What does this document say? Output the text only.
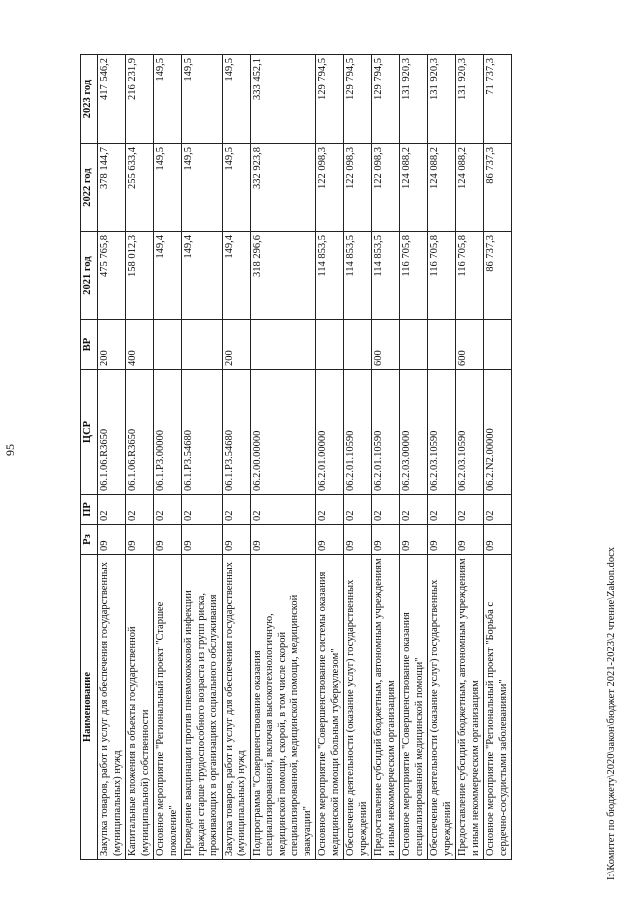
95
Наименование	Рз	ПР	ЦСР	ВР	2021 год	2022 год	2023 год
Закупка товаров, работ и услуг для обеспечения государственных (муниципальных) нужд	09	02	06.1.06.R3650	200	475 765,8	378 144,7	417 546,2
Капитальные вложения в объекты государственной (муниципальной) собственности	09	02	06.1.06.R3650	400	158 012,3	255 633,4	216 231,9
Основное мероприятие "Региональный проект "Старшее поколение"	09	02	06.1.P3.00000		149,4	149,5	149,5
Проведение вакцинации против пневмококковой инфекции граждан старше трудоспособного возраста из групп риска, проживающих в организациях социального обслуживания	09	02	06.1.P3.54680		149,4	149,5	149,5
Закупка товаров, работ и услуг для обеспечения государственных (муниципальных) нужд	09	02	06.1.P3.54680	200	149,4	149,5	149,5
Подпрограмма "Совершенствование оказания специализированной, включая высокотехнологичную, медицинской помощи, скорой, в том числе скорой специализированной, медицинской помощи, медицинской эвакуации"	09	02	06.2.00.00000		318 296,6	332 923,8	333 452,1
Основное мероприятие "Совершенствование системы оказания медицинской помощи больным туберкулезом"	09	02	06.2.01.00000		114 853,5	122 098,3	129 794,5
Обеспечение деятельности (оказание услуг) государственных учреждений	09	02	06.2.01.10590		114 853,5	122 098,3	129 794,5
Предоставление субсидий бюджетным, автономным учреждениям и иным некоммерческим организациям	09	02	06.2.01.10590	600	114 853,5	122 098,3	129 794,5
Основное мероприятие "Совершенствование оказания специализированной медицинской помощи"	09	02	06.2.03.00000		116 705,8	124 088,2	131 920,3
Обеспечение деятельности (оказание услуг) государственных учреждений	09	02	06.2.03.10590		116 705,8	124 088,2	131 920,3
Предоставление субсидий бюджетным, автономным учреждениям и иным некоммерческим организациям	09	02	06.2.03.10590	600	116 705,8	124 088,2	131 920,3
Основное мероприятие "Региональный проект "Борьба с сердечно-сосудистыми заболеваниями"	09	02	06.2.N2.00000		86 737,3	86 737,3	71 737,3
I:\Комитет по бюджету\2020\закон\бюджет 2021-2023\2 чтение\Zakon.docx
